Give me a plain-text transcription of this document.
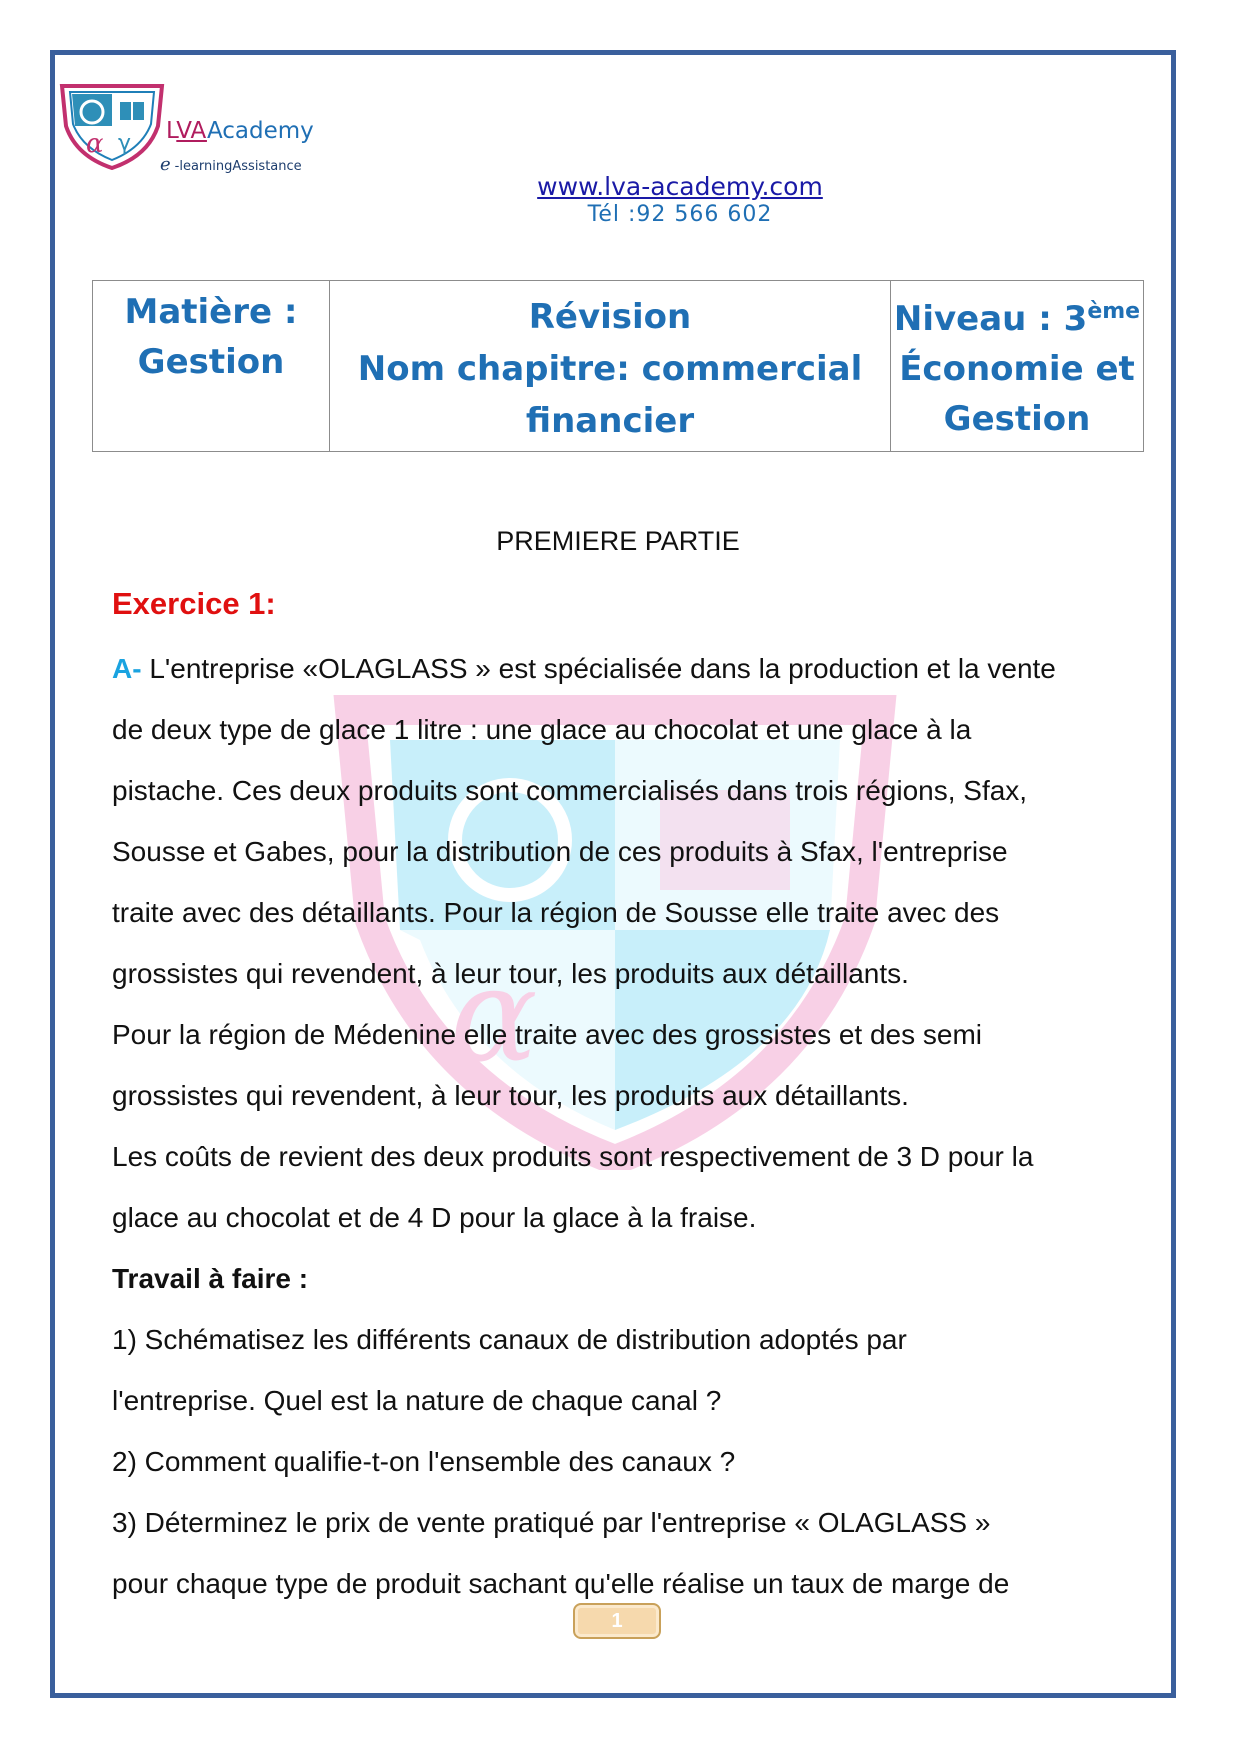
α γ LVAAcademy
e -learningAssistance
www.lva-academy.com
Tél :92 566 602
Matière :
Gestion

Révision
Nom chapitre: commercial
financier

Niveau : 3ème
Économie et
Gestion
α
PREMIERE PARTIE
Exercice 1:
A- L'entreprise «OLAGLASS » est spécialisée dans la production et la vente
de deux type de glace 1 litre : une glace au chocolat et une glace à la
pistache. Ces deux produits sont commercialisés dans trois régions, Sfax,
Sousse et Gabes, pour la distribution de ces produits à Sfax, l'entreprise
traite avec des détaillants. Pour la région de Sousse elle traite avec des
grossistes qui revendent, à leur tour, les produits aux détaillants.
Pour la région de Médenine elle traite avec des grossistes et des semi
grossistes qui revendent, à leur tour, les produits aux détaillants.
Les coûts de revient des deux produits sont respectivement de 3 D pour la
glace au chocolat et de 4 D pour la glace à la fraise.
Travail à faire :
1) Schématisez les différents canaux de distribution adoptés par
l'entreprise. Quel est la nature de chaque canal ?
2) Comment qualifie-t-on l'ensemble des canaux ?
3) Déterminez le prix de vente pratiqué par l'entreprise « OLAGLASS »
pour chaque type de produit sachant qu'elle réalise un taux de marge de
1
